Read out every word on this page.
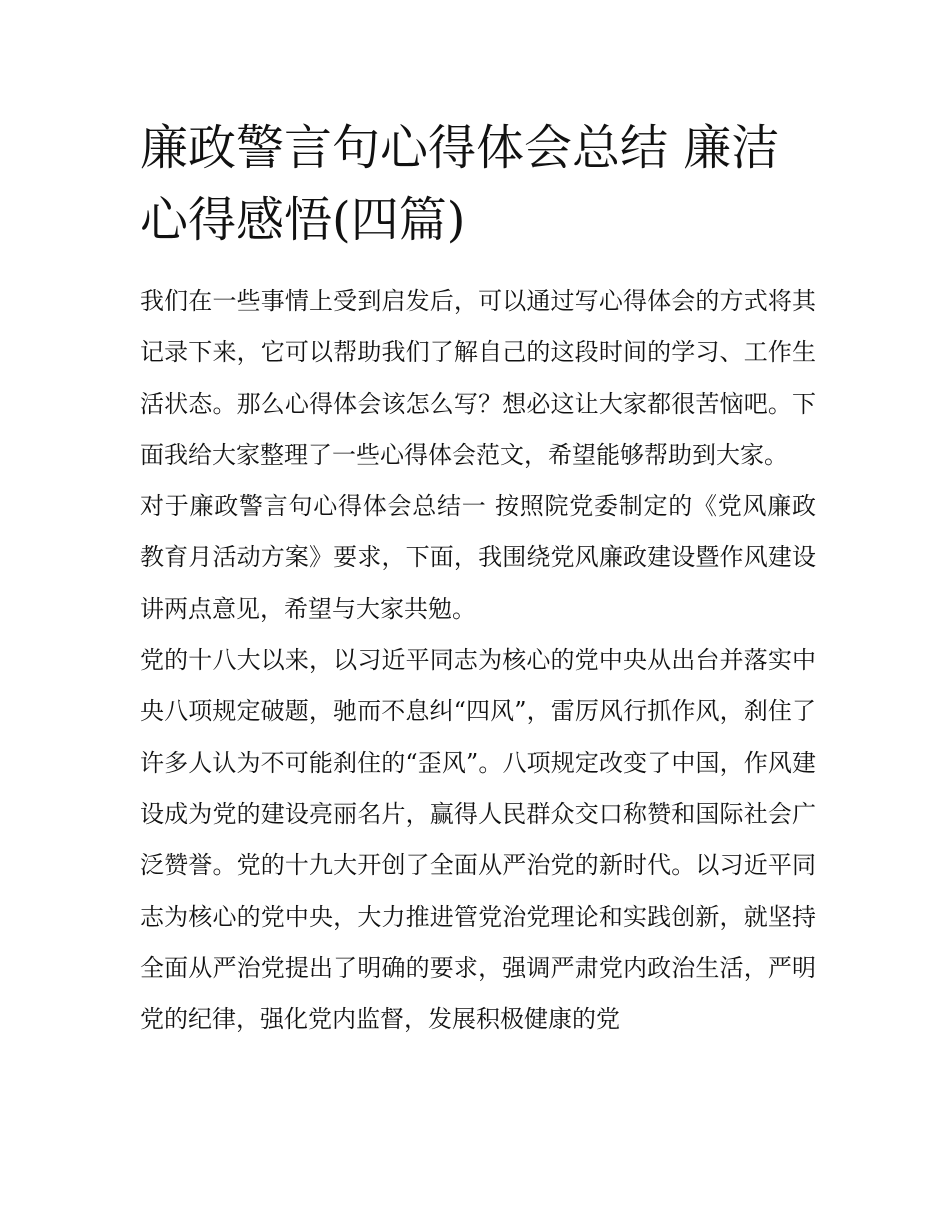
廉政警言句心得体会总结 廉洁心得感悟(四篇)

我们在一些事情上受到启发后，可以通过写心得体会的方式将其记录下来，它可以帮助我们了解自己的这段时间的学习、工作生活状态。那么心得体会该怎么写？想必这让大家都很苦恼吧。下面我给大家整理了一些心得体会范文，希望能够帮助到大家。

对于廉政警言句心得体会总结一 按照院党委制定的《党风廉政教育月活动方案》要求，下面，我围绕党风廉政建设暨作风建设讲两点意见，希望与大家共勉。

党的十八大以来，以习近平同志为核心的党中央从出台并落实中央八项规定破题，驰而不息纠“四风”，雷厉风行抓作风，刹住了许多人认为不可能刹住的“歪风”。八项规定改变了中国，作风建设成为党的建设亮丽名片，赢得人民群众交口称赞和国际社会广泛赞誉。党的十九大开创了全面从严治党的新时代。以习近平同志为核心的党中央，大力推进管党治党理论和实践创新，就坚持全面从严治党提出了明确的要求，强调严肃党内政治生活，严明党的纪律，强化党内监督，发展积极健康的党
